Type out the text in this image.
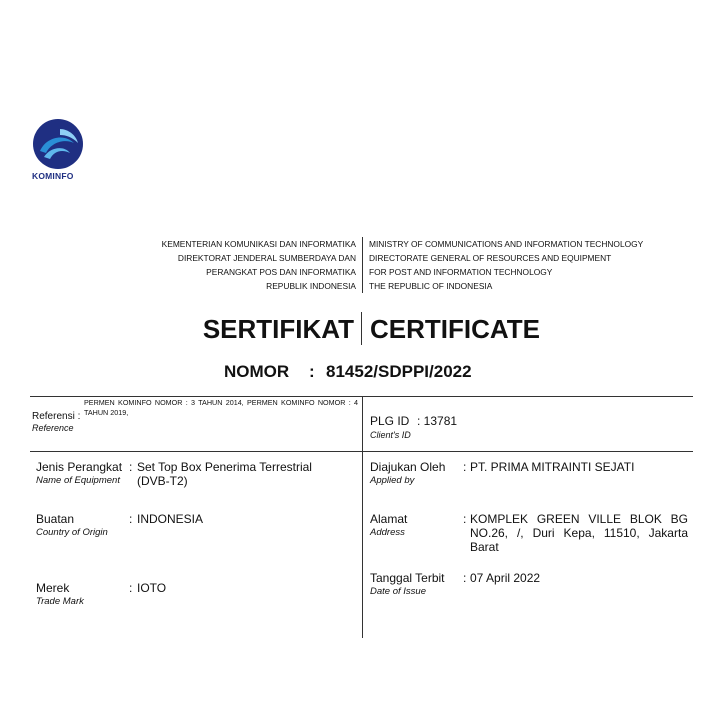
KOMINFO
KEMENTERIAN KOMUNIKASI DAN INFORMATIKA
DIREKTORAT JENDERAL SUMBERDAYA DAN
PERANGKAT POS DAN INFORMATIKA
REPUBLIK INDONESIA
MINISTRY OF COMMUNICATIONS AND INFORMATION TECHNOLOGY
DIRECTORATE GENERAL OF RESOURCES AND EQUIPMENT
FOR POST AND INFORMATION TECHNOLOGY
THE REPUBLIC OF INDONESIA
SERTIFIKAT CERTIFICATE
NOMOR : 81452/SDPPI/2022
Referensi :
Reference
PERMEN KOMINFO NOMOR : 3 TAHUN 2014, PERMEN KOMINFO NOMOR : 4 TAHUN 2019,
PLG ID : 13781
Client's ID
Jenis Perangkat
Name of Equipment
: Set Top Box Penerima Terrestrial
(DVB-T2)
Buatan
Country of Origin
: INDONESIA
Merek
Trade Mark
: IOTO
Diajukan Oleh
Applied by
: PT. PRIMA MITRAINTI SEJATI
Alamat
Address
: KOMPLEK GREEN VILLE BLOK BG NO.26, /, Duri Kepa, 11510, Jakarta Barat
Tanggal Terbit
Date of Issue
: 07 April 2022
